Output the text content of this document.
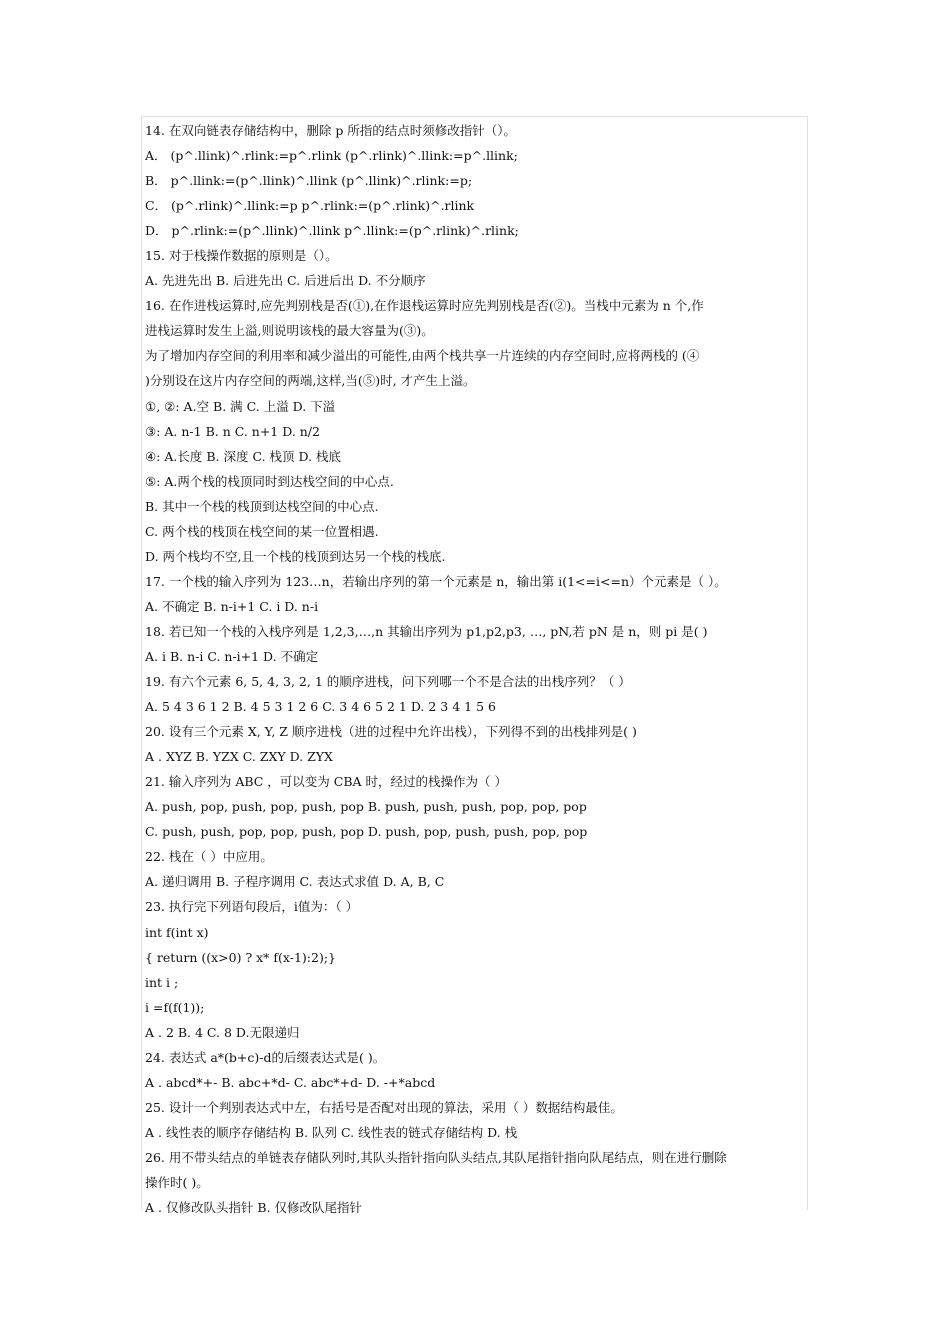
14. 在双向链表存储结构中，删除 p 所指的结点时须修改指针（）。
A． (p^.llink)^.rlink:=p^.rlink (p^.rlink)^.llink:=p^.llink;
B． p^.llink:=(p^.llink)^.llink (p^.llink)^.rlink:=p;
C． (p^.rlink)^.llink:=p p^.rlink:=(p^.rlink)^.rlink
D． p^.rlink:=(p^.llink)^.llink p^.llink:=(p^.rlink)^.rlink;
15. 对于栈操作数据的原则是（）。
A. 先进先出 B. 后进先出 C. 后进后出 D. 不分顺序
16. 在作进栈运算时,应先判别栈是否(①),在作退栈运算时应先判别栈是否(②)。当栈中元素为 n 个,作
进栈运算时发生上溢,则说明该栈的最大容量为(③)。
为了增加内存空间的利用率和减少溢出的可能性,由两个栈共享一片连续的内存空间时,应将两栈的 (④
)分别设在这片内存空间的两端,这样,当(⑤)时, 才产生上溢。
①, ②: A.空 B. 满 C. 上溢 D. 下溢
③: A. n-1 B. n C. n+1 D. n/2
④: A.长度 B. 深度 C. 栈顶 D. 栈底
⑤: A.两个栈的栈顶同时到达栈空间的中心点.
B. 其中一个栈的栈顶到达栈空间的中心点.
C. 两个栈的栈顶在栈空间的某一位置相遇.
D. 两个栈均不空,且一个栈的栈顶到达另一个栈的栈底.
17. 一个栈的输入序列为 123…n，若输出序列的第一个元素是 n，输出第 i(1<=i<=n）个元素是（ ）。
A. 不确定 B. n-i+1 C. i D. n-i
18. 若已知一个栈的入栈序列是 1,2,3,…,n 其输出序列为 p1,p2,p3, …, pN,若 pN 是 n，则 pi 是( )
A. i B. n-i C. n-i+1 D. 不确定
19. 有六个元素 6, 5, 4, 3, 2, 1 的顺序进栈，问下列哪一个不是合法的出栈序列？（ ）
A. 5 4 3 6 1 2 B. 4 5 3 1 2 6 C. 3 4 6 5 2 1 D. 2 3 4 1 5 6
20. 设有三个元素 X, Y, Z 顺序进栈（进的过程中允许出栈），下列得不到的出栈排列是( )
A . XYZ B. YZX C. ZXY D. ZYX
21. 输入序列为 ABC ，可以变为 CBA 时，经过的栈操作为（ ）
A. push, pop, push, pop, push, pop B. push, push, push, pop, pop, pop
C. push, push, pop, pop, push, pop D. push, pop, push, push, pop, pop
22. 栈在（ ）中应用。
A. 递归调用 B. 子程序调用 C. 表达式求值 D. A, B, C
23. 执行完下列语句段后，i值为：（ ）
int f(int x)
{ return ((x>0) ? x* f(x-1):2);}
int i ;
i =f(f(1));
A . 2 B. 4 C. 8 D.无限递归
24. 表达式 a*(b+c)-d的后缀表达式是( )。
A . abcd*+- B. abc+*d- C. abc*+d- D. -+*abcd
25. 设计一个判别表达式中左，右括号是否配对出现的算法，采用（ ）数据结构最佳。
A . 线性表的顺序存储结构 B. 队列 C. 线性表的链式存储结构 D. 栈
26. 用不带头结点的单链表存储队列时,其队头指针指向队头结点,其队尾指针指向队尾结点，则在进行删除
操作时( )。
A . 仅修改队头指针 B. 仅修改队尾指针
